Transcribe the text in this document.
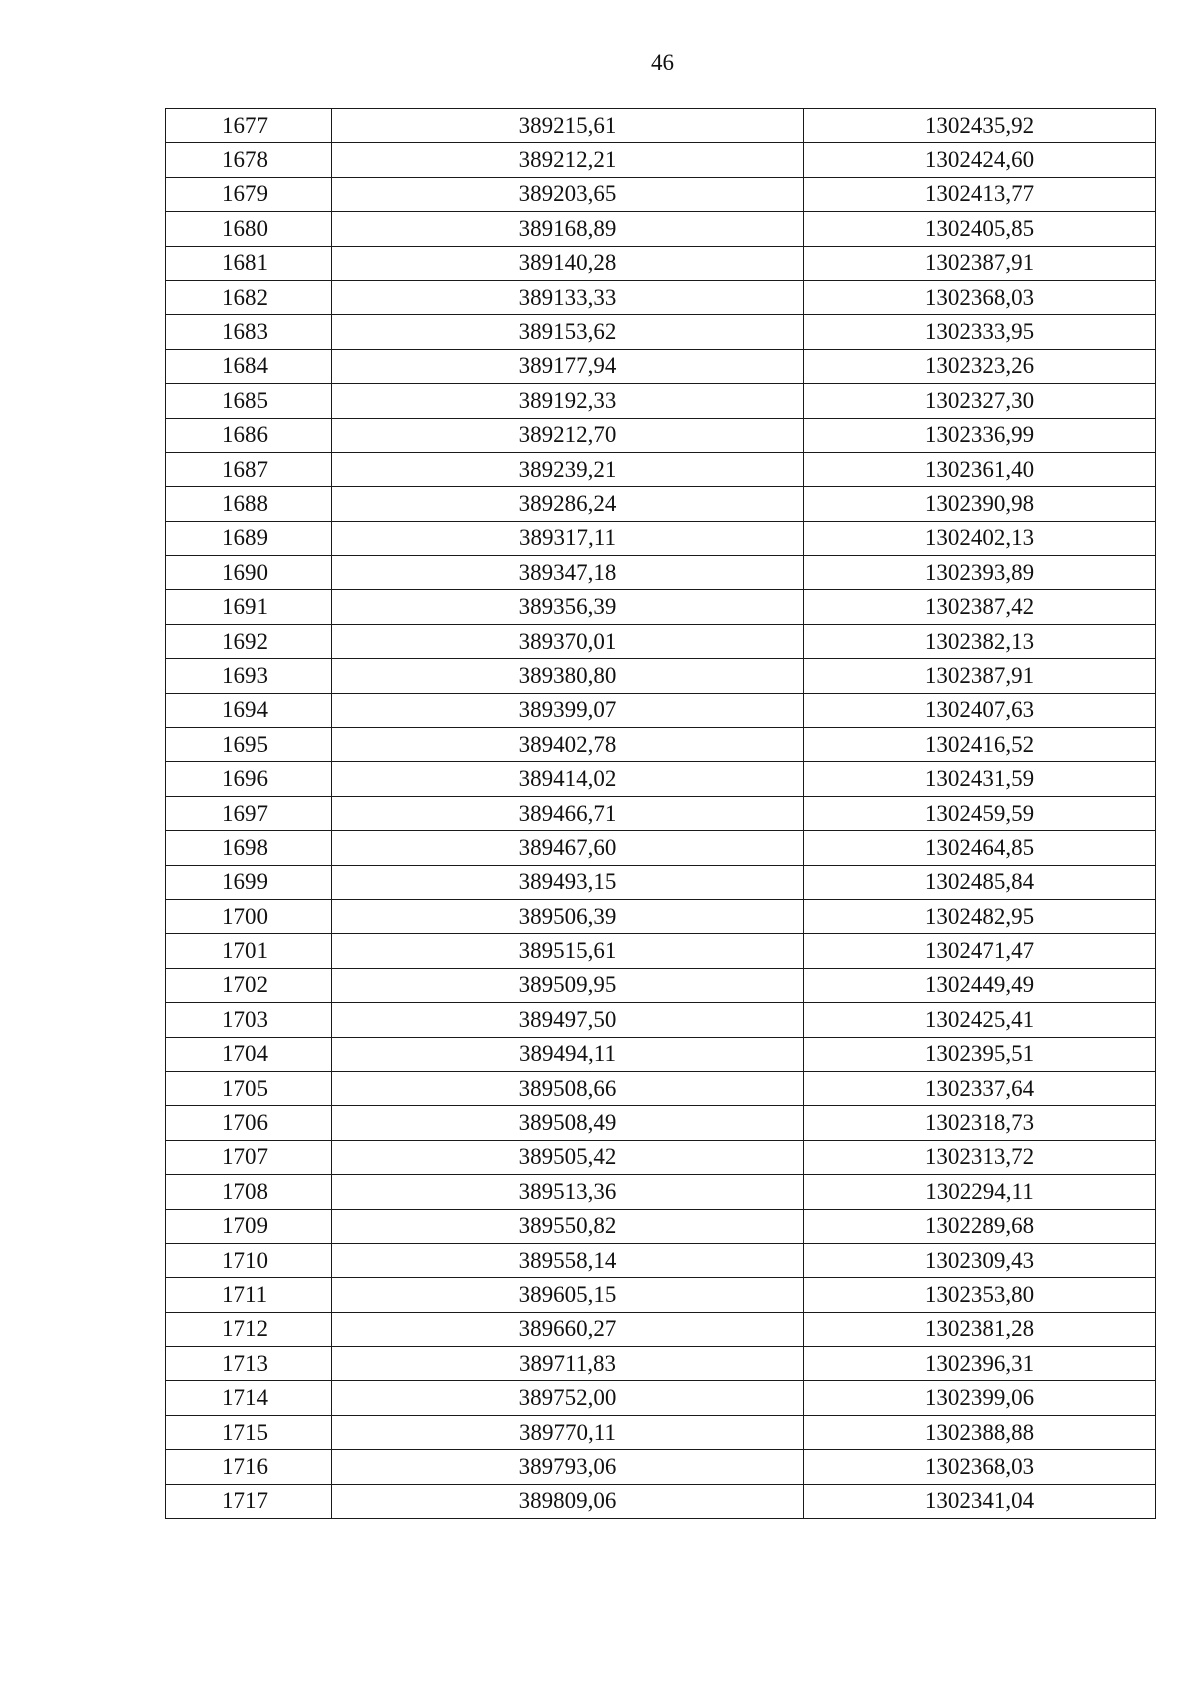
46
1677	389215,61	1302435,92
1678	389212,21	1302424,60
1679	389203,65	1302413,77
1680	389168,89	1302405,85
1681	389140,28	1302387,91
1682	389133,33	1302368,03
1683	389153,62	1302333,95
1684	389177,94	1302323,26
1685	389192,33	1302327,30
1686	389212,70	1302336,99
1687	389239,21	1302361,40
1688	389286,24	1302390,98
1689	389317,11	1302402,13
1690	389347,18	1302393,89
1691	389356,39	1302387,42
1692	389370,01	1302382,13
1693	389380,80	1302387,91
1694	389399,07	1302407,63
1695	389402,78	1302416,52
1696	389414,02	1302431,59
1697	389466,71	1302459,59
1698	389467,60	1302464,85
1699	389493,15	1302485,84
1700	389506,39	1302482,95
1701	389515,61	1302471,47
1702	389509,95	1302449,49
1703	389497,50	1302425,41
1704	389494,11	1302395,51
1705	389508,66	1302337,64
1706	389508,49	1302318,73
1707	389505,42	1302313,72
1708	389513,36	1302294,11
1709	389550,82	1302289,68
1710	389558,14	1302309,43
1711	389605,15	1302353,80
1712	389660,27	1302381,28
1713	389711,83	1302396,31
1714	389752,00	1302399,06
1715	389770,11	1302388,88
1716	389793,06	1302368,03
1717	389809,06	1302341,04
